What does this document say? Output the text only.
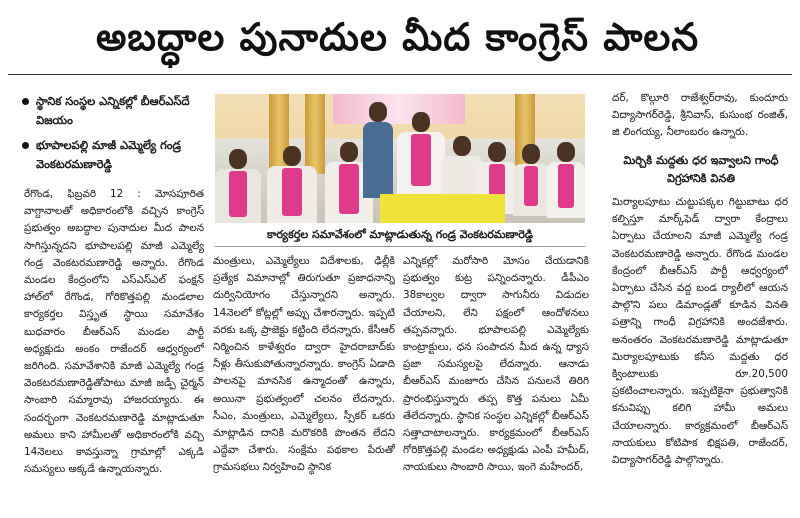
అబద్ధాల పునాదుల మీద కాంగ్రెస్ పాలన
స్థానిక సంస్థల ఎన్నికల్లో బీఆర్ఎస్‌దే విజయం
భూపాలపల్లి మాజీ ఎమ్మెల్యే గండ్ర వెంకటరమణారెడ్డి

రేగొండ, ఫిబ్రవరి 12 : మోసపూరిత వాగ్దానాలతో అధికారంలోకి వచ్చిన కాంగ్రెస్ ప్రభుత్వం అబద్ధాల పునాదుల మీద పాలన సాగిస్తున్నదని భూపాలపల్లి మాజీ ఎమ్మెల్యే గండ్ర వెంకటరమణారెడ్డి అన్నారు. రేగొండ మండల కేంద్రంలోని ఎస్ఎస్ఎల్ ఫంక్షన్ హాల్‌లో రేగొండ, గోరికొత్తపల్లి మండలాల కార్యకర్తల విస్తృత స్థాయి సమావేశం బుధవారం బీఆర్ఎస్ మండల పార్టీ అధ్యక్షుడు అంకం రాజేందర్ ఆధ్వర్యంలో జరిగింది. సమావేశానికి మాజీ ఎమ్మెల్యే గండ్ర వెంకటరమణారెడ్డితోపాటు మాజీ జడ్పీ చైర్మన్ సాంబారి సమ్మారావు హాజరయ్యారు. ఈ సందర్భంగా వెంకటరమణారెడ్డి మాట్లాడుతూ అమలు కాని హామీలతో అధికారంలోకి వచ్చి 14నెలలు కావస్తున్నా గ్రామాల్లో ఎక్కడి సమస్యలు అక్కడే ఉన్నాయన్నారు.

కార్యకర్తల సమావేశంలో మాట్లాడుతున్న గండ్ర వెంకటరమణారెడ్డి

మంత్రులు, ఎమ్మెల్యేలు విదేశాలకు, ఢిల్లీకి ప్రత్యేక విమానాల్లో తిరుగుతూ ప్రజాధనాన్ని దుర్వినియోగం చేస్తున్నారని అన్నారు. 14నెలలో కోట్లల్లో అప్పు చేశారన్నారు. ఇప్పటి వరకు ఒక్క ప్రాజెక్టు కట్టింది లేదన్నారు. కేసీఆర్ నిర్మించిన కాళేశ్వరం ద్వారా హైదరాబాద్‌కు నీళ్లు తీసుకుపోతున్నారన్నారు. కాంగ్రెస్ ఏడాది పాలనపై మానసిక ఉన్మాదంతో ఉన్నారు, అయినా ప్రభుత్వంలో చలనం లేదన్నారు. సీఎం, మంత్రులు, ఎమ్మెల్యేలు, స్పీకర్ ఒకరు మాట్లాడిన దానికి మరొకరికి పొంతన లేదని ఎద్దేవా చేశారు. సంక్షేమ పథకాల పేరుతో గ్రామసభలు నిర్వహించి స్థానిక

ఎన్నికల్లో మరోసారి మోసం చేయడానికి ప్రభుత్వం కుట్ర పన్నిందన్నారు. డీపీఎం 38కాల్వల ద్వారా సాగునీరు విడుదల చేయాలని, లేని పక్షంలో ఆందోళనలు తప్పవన్నారు. భూపాలపల్లి ఎమ్మెల్యేకు కాంట్రాక్టులు, ధన సంపాదన మీద ఉన్న ధ్యాస ప్రజా సమస్యలపై లేదన్నారు. ఆనాడు బీఆర్ఎస్ మంజూరు చేసిన పనులనే తిరిగి ప్రారంభిస్తున్నారు తప్ప కొత్త పనులు ఏమీ తేలేదన్నారు. స్థానిక సంస్థల ఎన్నికల్లో బీఆర్ఎస్ సత్తాచాటాలన్నారు. కార్యక్రమంలో బీఆర్ఎస్ గోరికొత్తపల్లి మండల అధ్యక్షుడు ఎంపీ హమీద్, నాయకులు సాంబారి సాయి, ఇంగె మహేందర్,

దర్, కొల్గూరి రాజేశ్వర్‌రావు, కుందూరు విద్యాసాగర్‌రెడ్డి, శ్రీనివాస్, కుసుంభ రంజిత్, జి లింగయ్య, నీలాంబరం ఉన్నారు.

మిర్చికి మద్దతు ధర ఇవ్వాలని గాంధీ విగ్రహానికి వినతి

మిర్యాలపూటు చుట్టుపక్కల గిట్టుబాటు ధర కల్పిస్తూ మార్క్‌ఫెడ్ ద్వారా కేంద్రాలు ఏర్పాటు చేయాలని మాజీ ఎమ్మెల్యే గండ్ర వెంకటరమణారెడ్డి అన్నారు. రేగొండ మండల కేంద్రంలో బీఆర్ఎస్ పార్టీ ఆధ్వర్యంలో ఏర్పాటు చేసిన వద్ద బండ ర్యాలీలో ఆయన పాల్గొని పలు డిమాండ్లతో కూడిన వినతి పత్రాన్ని గాంధీ విగ్రహానికి అందజేశారు. అనంతరం వెంకటరమణారెడ్డి మాట్లాడుతూ మిర్యాలపూటుకు కనీస మద్దతు ధర క్వింటాలుకు రూ.20,500 ప్రకటించాలన్నారు. ఇప్పటికైనా ప్రభుత్వానికి కనువిప్పు కలిగి హామీ అమలు చేయాలన్నారు. కార్యక్రమంలో బీఆర్ఎస్ నాయకులు కోటిపాక భిక్షపతి, రాజేందర్, విద్యాసాగర్‌రెడ్డి పాల్గొన్నారు.
